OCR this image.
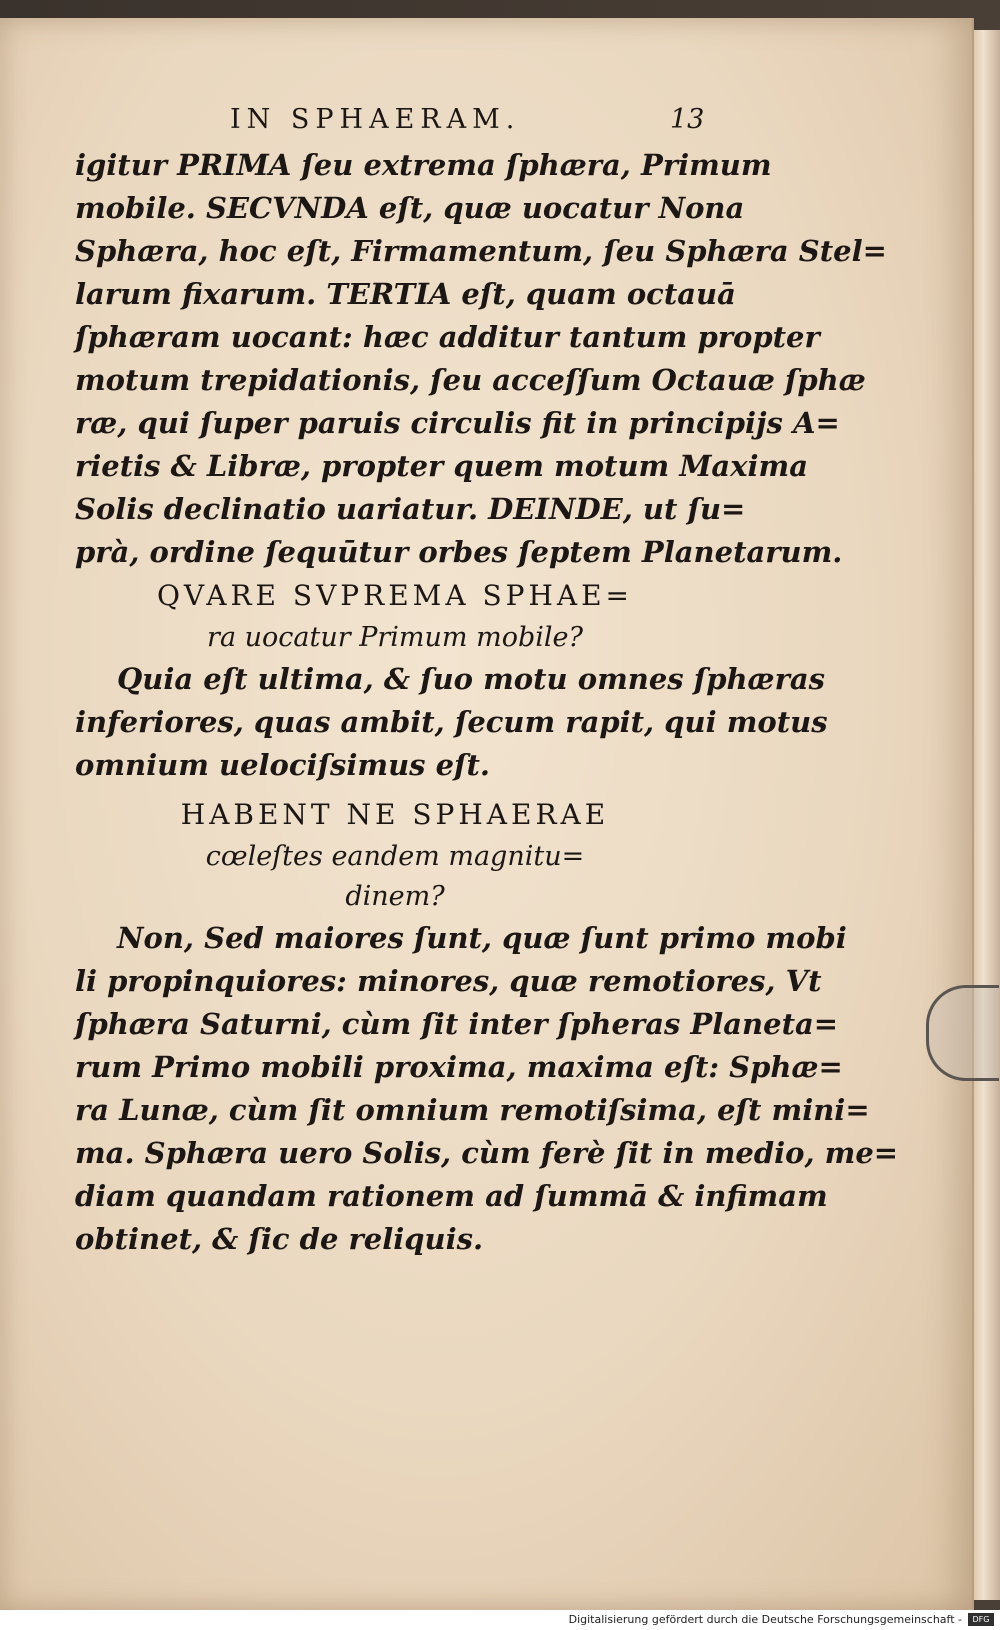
IN SPHAERAM.	13
igitur PRIMA ſeu extrema ſphæra, Primum
mobile. SECVNDA eſt, quæ uocatur Nona
Sphæra, hoc eſt, Firmamentum, ſeu Sphæra Stel=
larum fixarum. TERTIA eſt, quam octauā
ſphæram uocant: hæc additur tantum propter
motum trepidationis, ſeu acceſſum Octauæ ſphæ
ræ, qui ſuper paruis circulis fit in principijs A=
rietis & Libræ, propter quem motum Maxima
Solis declinatio uariatur. DEINDE, ut ſu=
prà, ordine ſequūtur orbes ſeptem Planetarum.
QVARE SVPREMA SPHAE=
ra uocatur Primum mobile?
Quia eſt ultima, & ſuo motu omnes ſphæras
inferiores, quas ambit, ſecum rapit, qui motus
omnium uelociſsimus eſt.
HABENT NE SPHAERAE
cœleſtes eandem magnitu=
dinem?
Non, Sed maiores ſunt, quæ ſunt primo mobi
li propinquiores: minores, quæ remotiores, Vt
ſphæra Saturni, cùm ſit inter ſpheras Planeta=
rum Primo mobili proxima, maxima eſt: Sphæ=
ra Lunæ, cùm ſit omnium remotiſsima, eſt mini=
ma. Sphæra uero Solis, cùm ferè ſit in medio, me=
diam quandam rationem ad ſummā & infimam
obtinet, & ſic de reliquis.
Digitalisierung gefördert durch die Deutsche Forschungsgemeinschaft -	DFG
